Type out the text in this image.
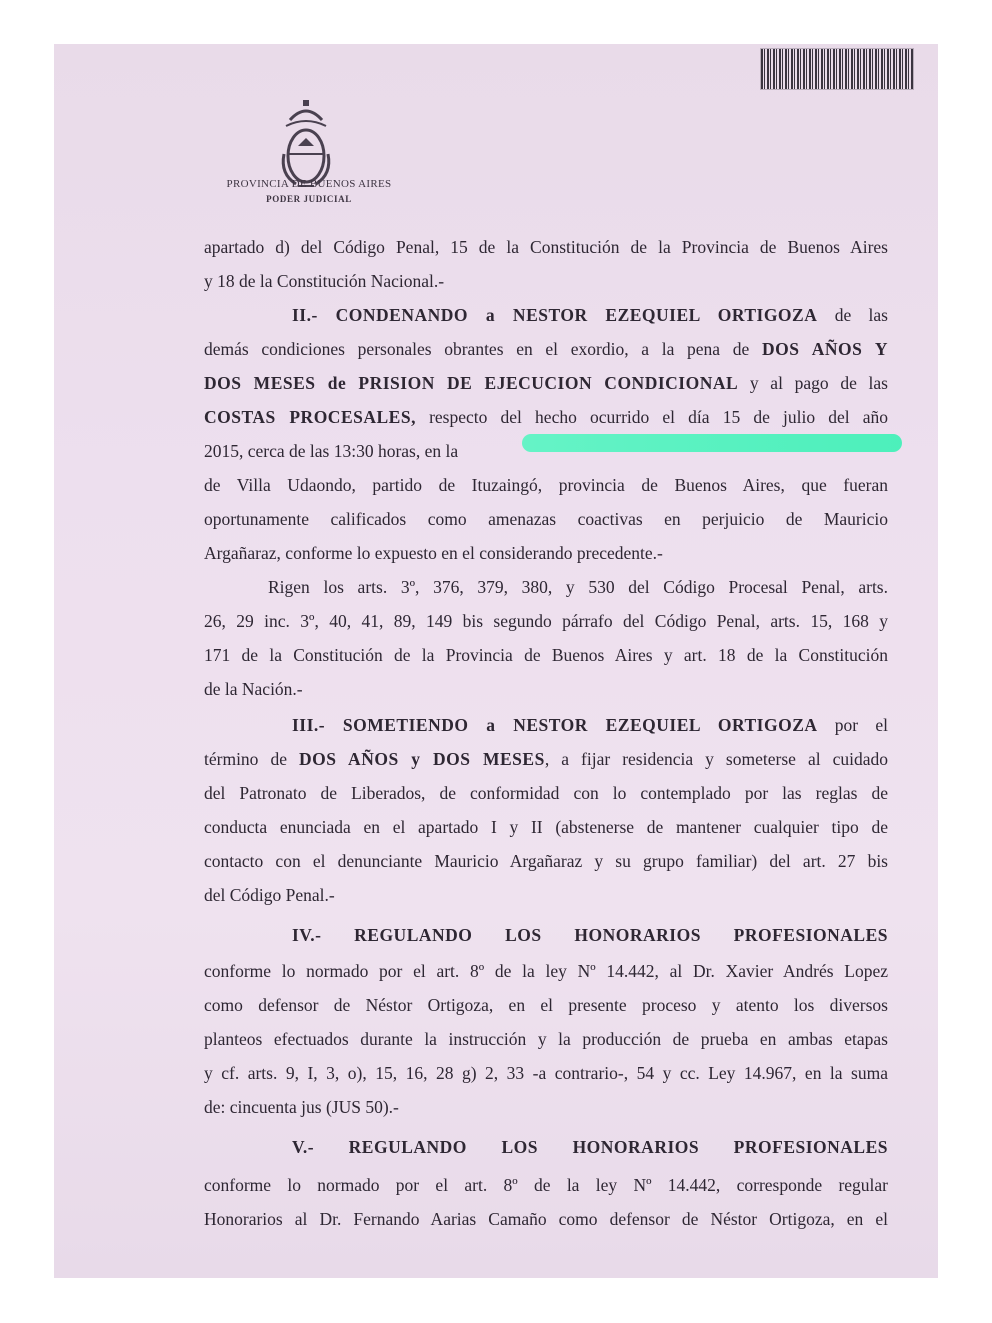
PROVINCIA DE BUENOS AIRES
PODER JUDICIAL
apartado d) del Código Penal, 15 de la Constitución de la Provincia de Buenos Aires
y 18 de la Constitución Nacional.-
II.- CONDENANDO a NESTOR EZEQUIEL ORTIGOZA de las
demás condiciones personales obrantes en el exordio, a la pena de DOS AÑOS Y
DOS MESES de PRISION DE EJECUCION CONDICIONAL y al pago de las
COSTAS PROCESALES, respecto del hecho ocurrido el día 15 de julio del año
2015, cerca de las 13:30 horas, en la
de Villa Udaondo, partido de Ituzaingó, provincia de Buenos Aires, que fueran
oportunamente calificados como amenazas coactivas en perjuicio de Mauricio
Argañaraz, conforme lo expuesto en el considerando precedente.-
Rigen los arts. 3º, 376, 379, 380, y 530 del Código Procesal Penal, arts.
26, 29 inc. 3º, 40, 41, 89, 149 bis segundo párrafo del Código Penal, arts. 15, 168 y
171 de la Constitución de la Provincia de Buenos Aires y art. 18 de la Constitución
de la Nación.-
III.- SOMETIENDO a NESTOR EZEQUIEL ORTIGOZA por el
término de DOS AÑOS y DOS MESES, a fijar residencia y someterse al cuidado
del Patronato de Liberados, de conformidad con lo contemplado por las reglas de
conducta enunciada en el apartado I y II (abstenerse de mantener cualquier tipo de
contacto con el denunciante Mauricio Argañaraz y su grupo familiar) del art. 27 bis
del Código Penal.-
IV.- REGULANDO LOS HONORARIOS PROFESIONALES
conforme lo normado por el art. 8º de la ley Nº 14.442, al Dr. Xavier Andrés Lopez
como defensor de Néstor Ortigoza, en el presente proceso y atento los diversos
planteos efectuados durante la instrucción y la producción de prueba en ambas etapas
y cf. arts. 9, I, 3, o), 15, 16, 28 g) 2, 33 -a contrario-, 54 y cc. Ley 14.967, en la suma
de: cincuenta jus (JUS 50).-
V.- REGULANDO LOS HONORARIOS PROFESIONALES
conforme lo normado por el art. 8º de la ley Nº 14.442, corresponde regular
Honorarios al Dr. Fernando Aarias Camaño como defensor de Néstor Ortigoza, en el
